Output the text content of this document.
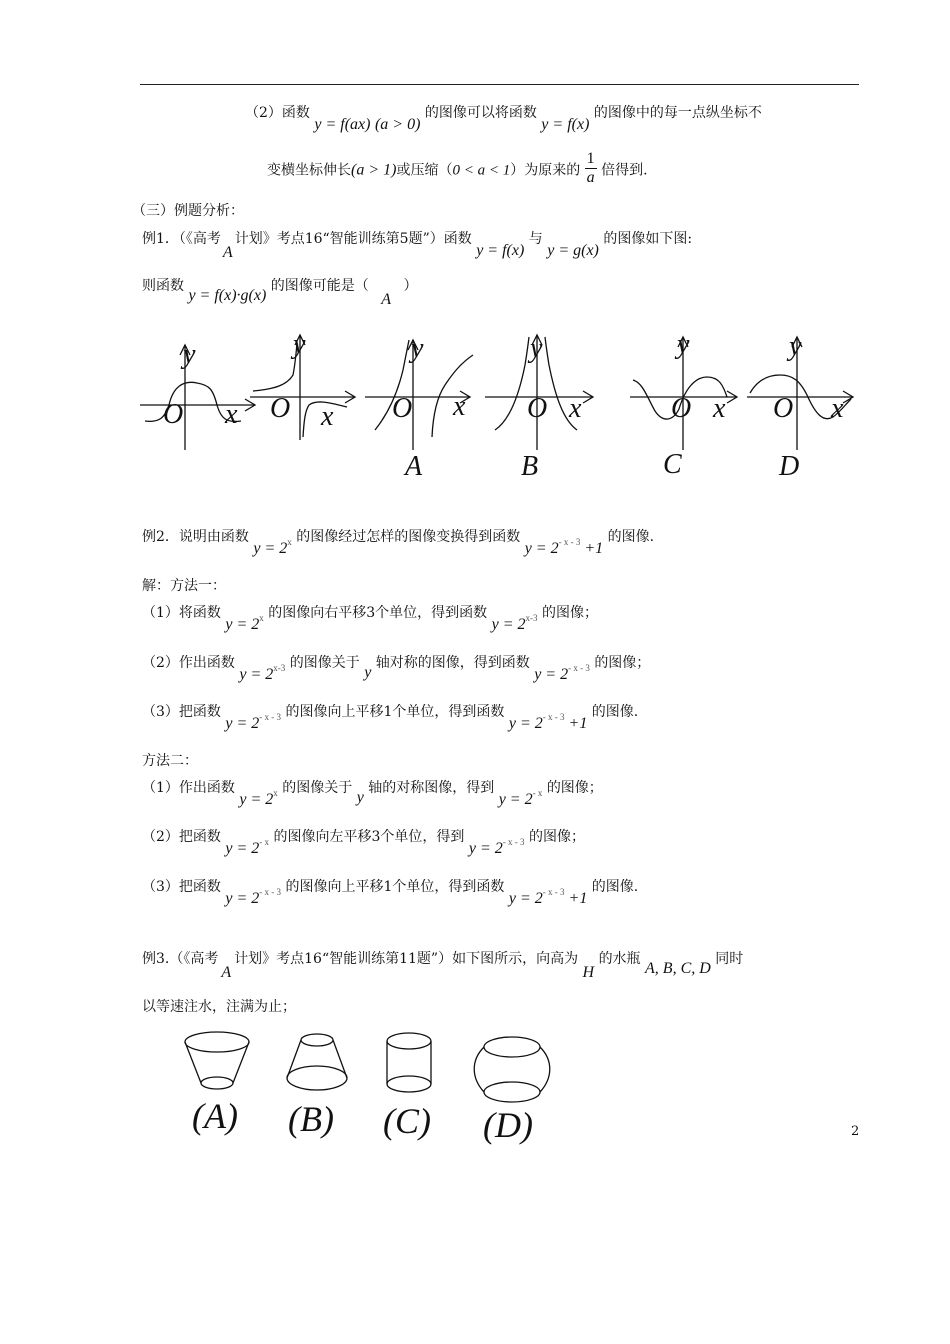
（2）函数 y = f(ax) (a > 0) 的图像可以将函数 y = f(x) 的图像中的每一点纵坐标不
变横坐标伸长(a > 1)或压缩（0 < a < 1）为原来的 $\frac{1}{a}$ 倍得到.
（三）例题分析：
例1．（《高考A计划》考点16“智能训练第5题”）函数 y = f(x) 与 y = g(x) 的图像如下图:
则函数 y = f(x)·g(x) 的图像可能是（ A ）
y
O x
y
O x
y
O x
y
O x
y
O x
y
O x
A	B	C	D
例2．说明由函数 $y = 2^x$ 的图像经过怎样的图像变换得到函数 $y = 2^{- x - 3} +1$ 的图像.
解：方法一：
（1）将函数 $y = 2^x$ 的图像向右平移3个单位，得到函数 $y = 2^{x-3}$ 的图像；
（2）作出函数 $y = 2^{x-3}$ 的图像关于 y 轴对称的图像，得到函数 $y = 2^{- x - 3}$ 的图像；
（3）把函数 $y = 2^{- x - 3}$ 的图像向上平移1个单位，得到函数 $y = 2^{- x - 3} +1$ 的图像.
方法二：
（1）作出函数 $y = 2^x$ 的图像关于 y 轴的对称图像，得到 $y = 2^{- x}$ 的图像；
（2）把函数 $y = 2^{- x}$ 的图像向左平移3个单位，得到 $y = 2^{- x - 3}$ 的图像；
（3）把函数 $y = 2^{- x - 3}$ 的图像向上平移1个单位，得到函数 $y = 2^{- x - 3} +1$ 的图像.
例3.（《高考A计划》考点16“智能训练第11题”）如下图所示，向高为 H 的水瓶 A, B, C, D 同时
以等速注水，注满为止；
(A) (B) (C) (D)	2
